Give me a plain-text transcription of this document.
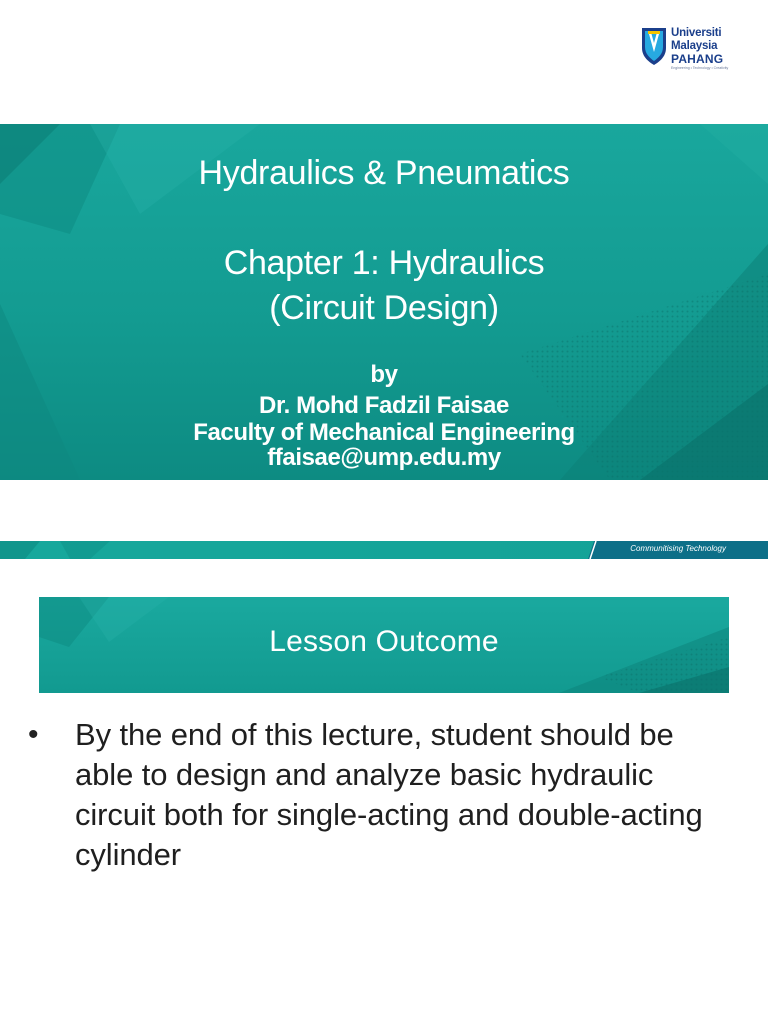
Universiti
Malaysia
PAHANG
Engineering • Technology • Creativity
Hydraulics & Pneumatics
Chapter 1: Hydraulics
(Circuit Design)
by
Dr. Mohd Fadzil Faisae
Faculty of Mechanical Engineering
ffaisae@ump.edu.my
Communitising Technology
Lesson Outcome
• By the end of this lecture, student should be able to design and analyze basic hydraulic circuit both for single-acting and double-acting cylinder
